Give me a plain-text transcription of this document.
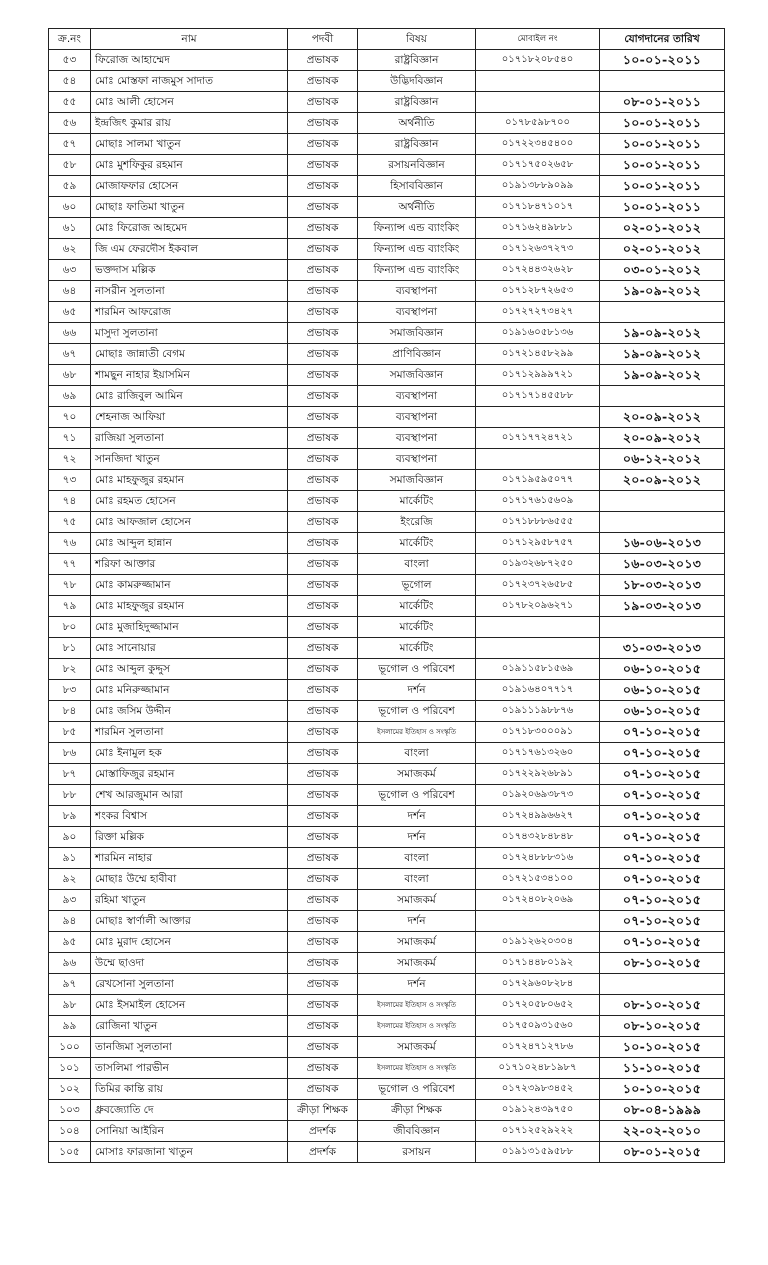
ক্র.নং	নাম	পদবী	বিষয়	মোবাইল নং	যোগদানের তারিখ
৫৩	ফিরোজ আহাম্মেদ	প্রভাষক	রাষ্ট্রবিজ্ঞান	০১৭১৮২০৮৫৪০	১০-০১-২০১১
৫৪	মোঃ মোস্তফা নাজমুস সাদাত	প্রভাষক	উদ্ভিদবিজ্ঞান		
৫৫	মোঃ আলী হোসেন	প্রভাষক	রাষ্ট্রবিজ্ঞান		০৮-০১-২০১১
৫৬	ইন্দ্রজিৎ কুমার রায়	প্রভাষক	অর্থনীতি	০১৭৮৫৯৮৭০০	১০-০১-২০১১
৫৭	মোছাঃ সালমা খাতুন	প্রভাষক	রাষ্ট্রবিজ্ঞান	০১৭২২৩৪৫৪০০	১০-০১-২০১১
৫৮	মোঃ মুশফিকুর রহমান	প্রভাষক	রসায়নবিজ্ঞান	০১৭১৭৫০২৬৫৮	১০-০১-২০১১
৫৯	মোজাফফার হোসেন	প্রভাষক	হিসাববিজ্ঞান	০১৯১৩৮৮৯০৯৯	১০-০১-২০১১
৬০	মোছাঃ ফাতিমা খাতুন	প্রভাষক	অর্থনীতি	০১৭১৮৪৭১০১৭	১০-০১-২০১১
৬১	মোঃ ফিরোজ আহমেদ	প্রভাষক	ফিন্যান্স এন্ড ব্যাংকিং	০১৭১৬২৪৯৮৮১	০২-০১-২০১২
৬২	জি এম ফেরদৌস ইকবাল	প্রভাষক	ফিন্যান্স এন্ড ব্যাংকিং	০১৭১২৬৩৭২৭৩	০২-০১-২০১২
৬৩	ভক্তদাস মল্লিক	প্রভাষক	ফিন্যান্স এন্ড ব্যাংকিং	০১৭২৪৪৩২৬২৮	০৩-০১-২০১২
৬৪	নাসরীন সুলতানা	প্রভাষক	ব্যবস্থাপনা	০১৭১২৮৭২৬৫৩	১৯-০৯-২০১২
৬৫	শারমিন আফরোজ	প্রভাষক	ব্যবস্থাপনা	০১৭২৭২৭৩৪২৭	
৬৬	মাসুদা সুলতানা	প্রভাষক	সমাজবিজ্ঞান	০১৯১৬০৫৮১৩৬	১৯-০৯-২০১২
৬৭	মোছাঃ জান্নাতী বেগম	প্রভাষক	প্রাণিবিজ্ঞান	০১৭২১৪৫৮২৯৯	১৯-০৯-২০১২
৬৮	শামছুন নাহার ইয়াসমিন	প্রভাষক	সমাজবিজ্ঞান	০১৭১২৯৯৯৭২১	১৯-০৯-২০১২
৬৯	মোঃ রাজিবুল আমিন	প্রভাষক	ব্যবস্থাপনা	০১৭১৭১৪৫৫৮৮	
৭০	শেহনাজ আফিয়া	প্রভাষক	ব্যবস্থাপনা		২০-০৯-২০১২
৭১	রাজিয়া সুলতানা	প্রভাষক	ব্যবস্থাপনা	০১৭১৭৭২৪৭২১	২০-০৯-২০১২
৭২	সানজিদা খাতুন	প্রভাষক	ব্যবস্থাপনা		০৬-১২-২০১২
৭৩	মোঃ মাহফুজুর রহমান	প্রভাষক	সমাজবিজ্ঞান	০১৭১৯৫৯৫০৭৭	২০-০৯-২০১২
৭৪	মোঃ রহমত হোসেন	প্রভাষক	মার্কেটিং	০১৭১৭৬১৫৬০৯	
৭৫	মোঃ আফজাল হোসেন	প্রভাষক	ইংরেজি	০১৭১৮৮৮৬৫৫৫	
৭৬	মোঃ আব্দুল হান্নান	প্রভাষক	মার্কেটিং	০১৭১২৯৫৮৭৫৭	১৬-০৬-২০১৩
৭৭	শরিফা আক্তার	প্রভাষক	বাংলা	০১৯৩২৬৮৭২৫০	১৬-০৩-২০১৩
৭৮	মোঃ কামরুজ্জামান	প্রভাষক	ভূগোল	০১৭২৩৭২৬৫৮৫	১৮-০৩-২০১৩
৭৯	মোঃ মাহফুজুর রহমান	প্রভাষক	মার্কেটিং	০১৭৮২০৯৬২৭১	১৯-০৩-২০১৩
৮০	মোঃ মুজাহিদুজ্জামান	প্রভাষক	মার্কেটিং		
৮১	মোঃ সানোয়ার	প্রভাষক	মার্কেটিং		৩১-০৩-২০১৩
৮২	মোঃ আব্দুল কুদ্দুস	প্রভাষক	ভূগোল ও পরিবেশ	০১৯১১৫৮১৫৬৯	০৬-১০-২০১৫
৮৩	মোঃ মনিরুজ্জামান	প্রভাষক	দর্শন	০১৯১৬৪০৭৭১৭	০৬-১০-২০১৫
৮৪	মোঃ জসিম উদ্দীন	প্রভাষক	ভূগোল ও পরিবেশ	০১৯১১১৯৮৮৭৬	০৬-১০-২০১৫
৮৫	শারমিন সুলতানা	প্রভাষক	ইসলামের ইতিহাস ও সংস্কৃতি	০১৭১৮৩০০০৯১	০৭-১০-২০১৫
৮৬	মোঃ ইনামুল হক	প্রভাষক	বাংলা	০১৭১৭৬১৩২৬০	০৭-১০-২০১৫
৮৭	মোস্তাফিজুর রহমান	প্রভাষক	সমাজকর্ম	০১৭২২৯২৬৮৯১	০৭-১০-২০১৫
৮৮	শেখ আরজুমান আরা	প্রভাষক	ভূগোল ও পরিবেশ	০১৯২০৬৯৩৮৭৩	০৭-১০-২০১৫
৮৯	শংকর বিশ্বাস	প্রভাষক	দর্শন	০১৭২৪৯৯৬৬২৭	০৭-১০-২০১৫
৯০	রিক্তা মল্লিক	প্রভাষক	দর্শন	০১৭৪৩২৮৪৮৪৮	০৭-১০-২০১৫
৯১	শারমিন নাহার	প্রভাষক	বাংলা	০১৭২৪৮৮৮৩১৬	০৭-১০-২০১৫
৯২	মোছাঃ উম্মে হাবীবা	প্রভাষক	বাংলা	০১৭২১৫৩৪১০০	০৭-১০-২০১৫
৯৩	রহিমা খাতুন	প্রভাষক	সমাজকর্ম	০১৭২৪০৮২০৬৯	০৭-১০-২০১৫
৯৪	মোছাঃ স্বার্ণালী আক্তার	প্রভাষক	দর্শন		০৭-১০-২০১৫
৯৫	মোঃ মুরাদ হোসেন	প্রভাষক	সমাজকর্ম	০১৯১২৬২০৩০৪	০৭-১০-২০১৫
৯৬	উম্মে ছাওদা	প্রভাষক	সমাজকর্ম	০১৭১৪৪৮০১৯২	০৮-১০-২০১৫
৯৭	রেখসোনা সুলতানা	প্রভাষক	দর্শন	০১৭২৯৬০৮২৮৪	
৯৮	মোঃ ইসমাইল হোসেন	প্রভাষক	ইসলামের ইতিহাস ও সংস্কৃতি	০১৭২০৫৮০৬৫২	০৮-১০-২০১৫
৯৯	রোজিনা খাতুন	প্রভাষক	ইসলামের ইতিহাস ও সংস্কৃতি	০১৭৫০৯৩১৫৬০	০৮-১০-২০১৫
১০০	তানজিমা সুলতানা	প্রভাষক	সমাজকর্ম	০১৭২৪৭১২৭৮৬	১০-১০-২০১৫
১০১	তাসলিমা পারভীন	প্রভাষক	ইসলামের ইতিহাস ও সংস্কৃতি	০১৭১০২৪৮১৯৮৭	১১-১০-২০১৫
১০২	তিমির কান্তি রায়	প্রভাষক	ভূগোল ও পরিবেশ	০১৭২৩৯৮৩৪৫২	১০-১০-২০১৫
১০৩	ধ্রুবজ্যোতি দে	ক্রীড়া শিক্ষক	ক্রীড়া শিক্ষক	০১৯১২৪৩৯৭৫০	০৮-০৪-১৯৯৯
১০৪	সোনিয়া আইরিন	প্রদর্শক	জীববিজ্ঞান	০১৭১২৫২৯২২২	২২-০২-২০১০
১০৫	মোসাঃ ফারজানা খাতুন	প্রদর্শক	রসায়ন	০১৯১৩১৫৯৫৮৮	০৮-০১-২০১৫
